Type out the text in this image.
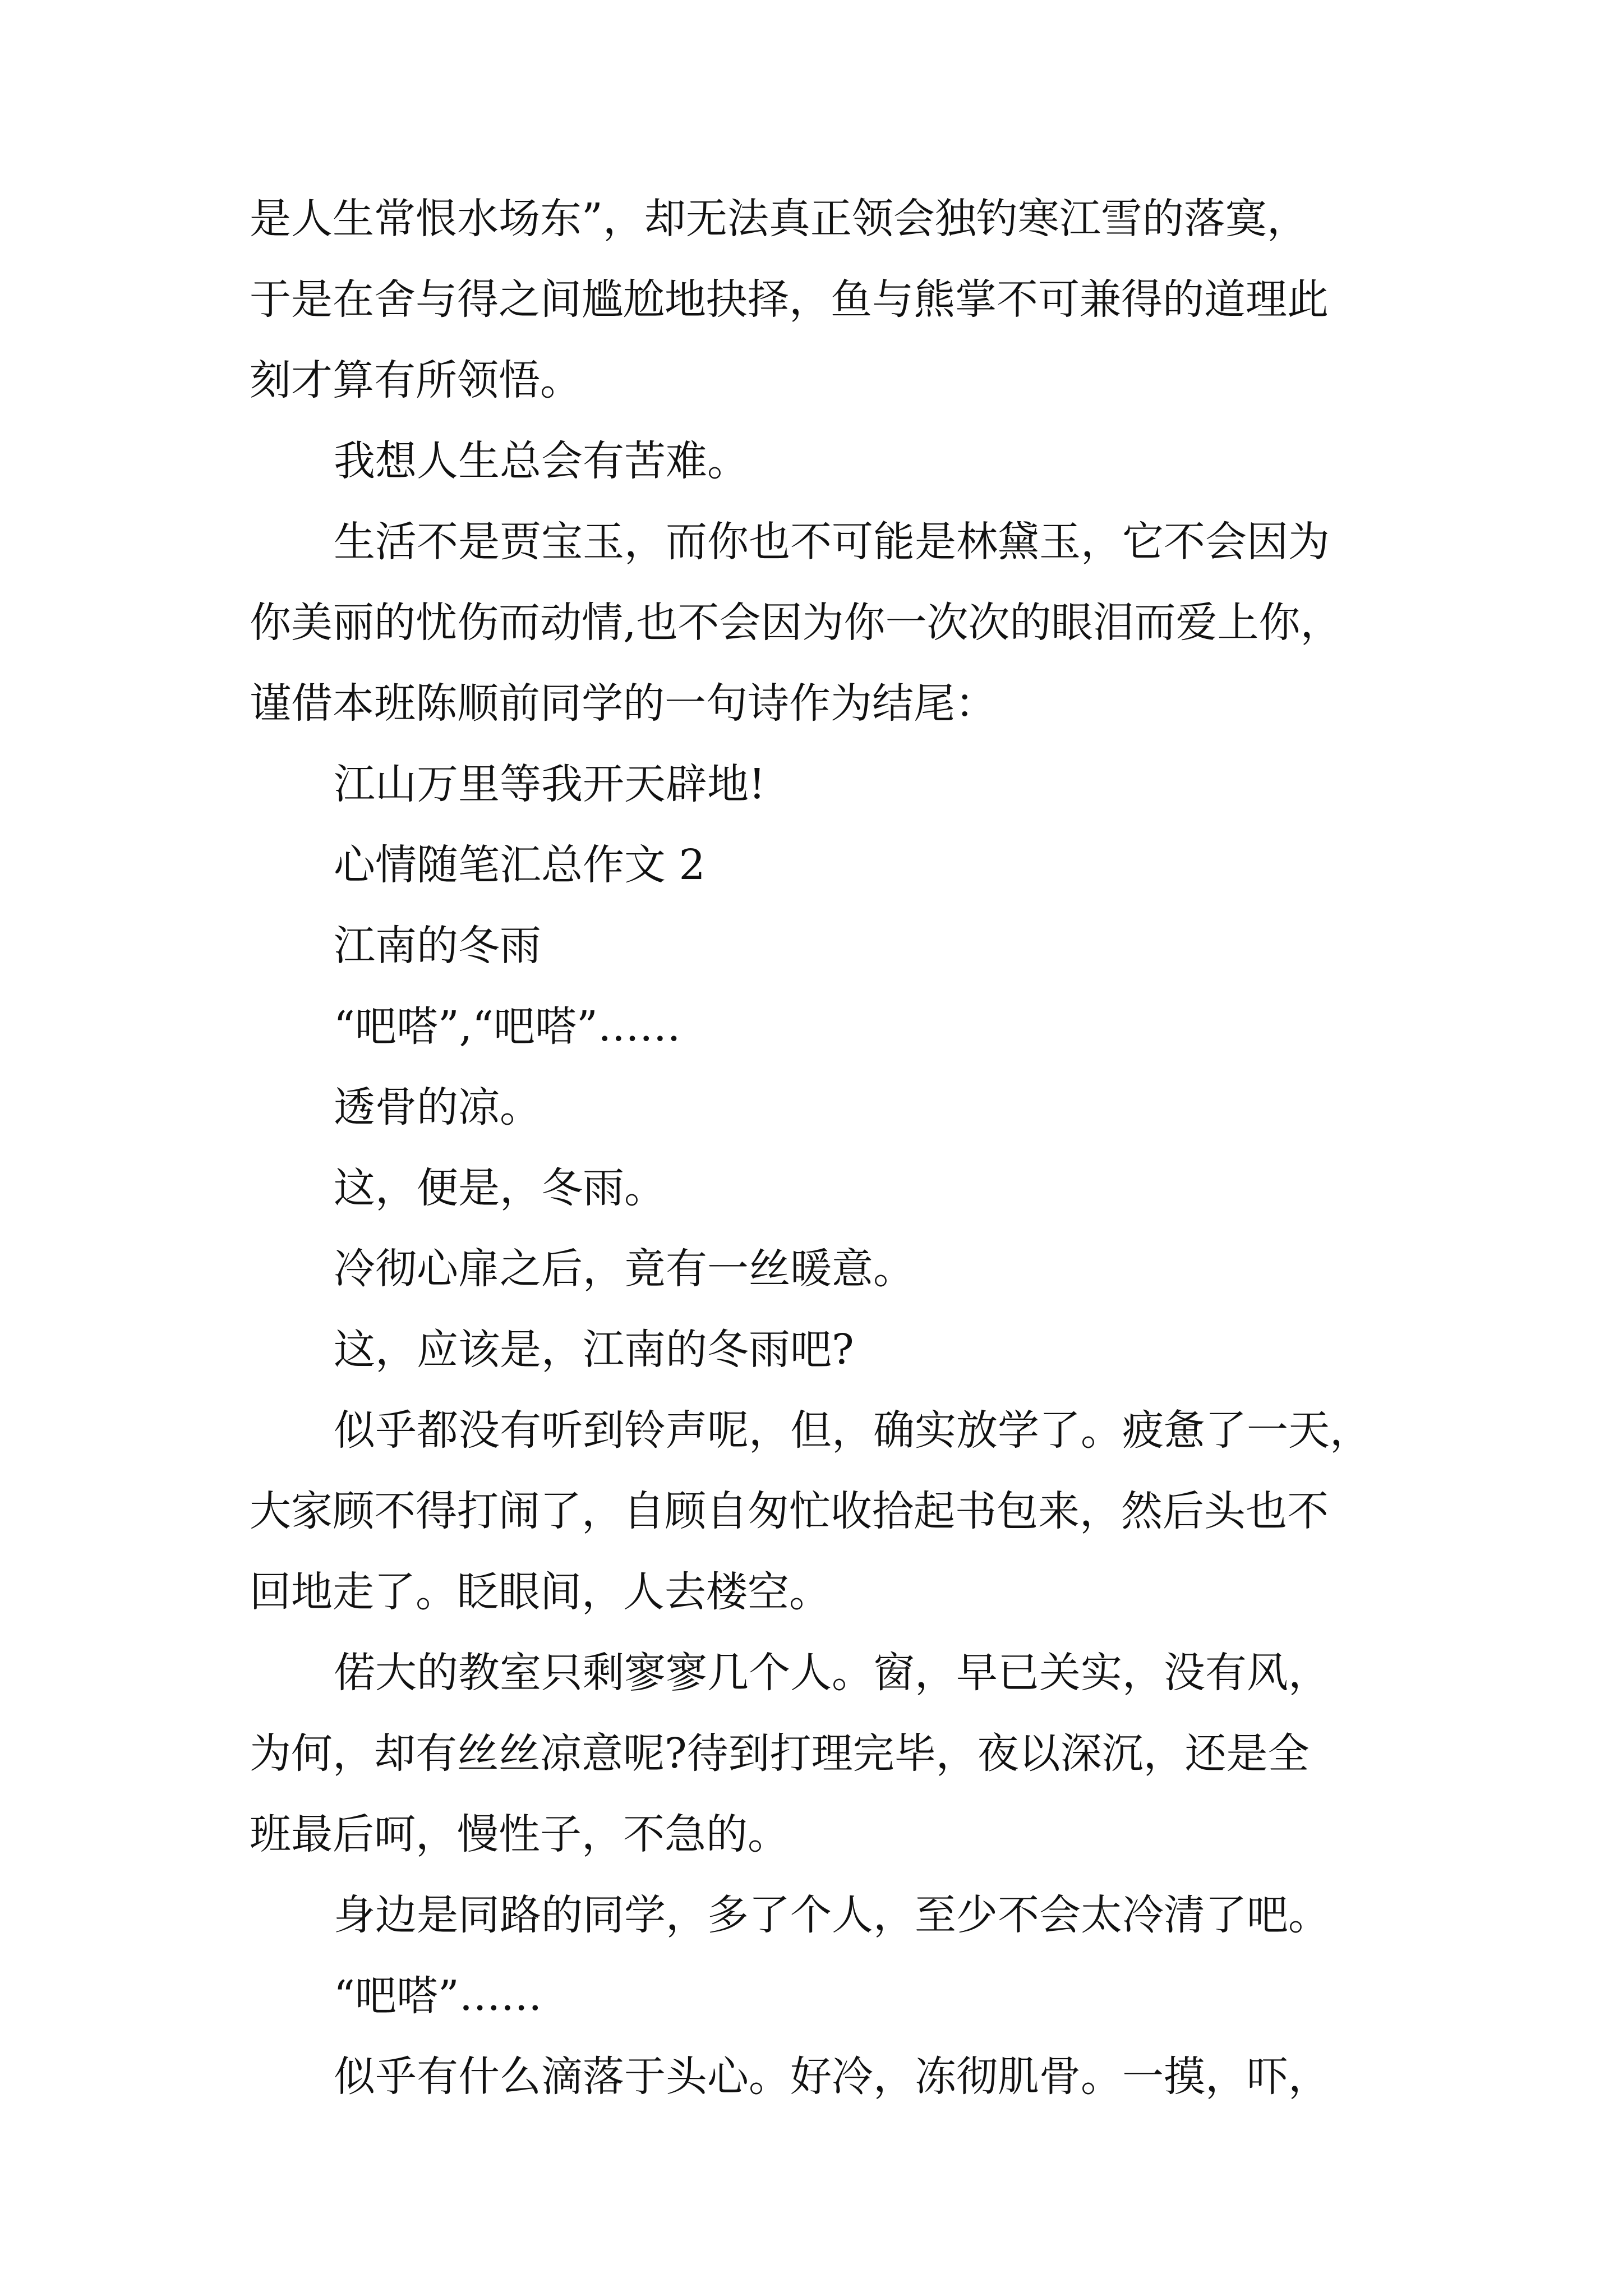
是人生常恨水场东”，却无法真正领会独钓寒江雪的落寞，
于是在舍与得之间尴尬地抉择，鱼与熊掌不可兼得的道理此
刻才算有所领悟。

我想人生总会有苦难。

生活不是贾宝玉，而你也不可能是林黛玉，它不会因为
你美丽的忧伤而动情,也不会因为你一次次的眼泪而爱上你，
谨借本班陈顺前同学的一句诗作为结尾：

江山万里等我开天辟地!

心情随笔汇总作文 2

江南的冬雨

“吧嗒”,“吧嗒”……

透骨的凉。

这，便是，冬雨。

冷彻心扉之后，竟有一丝暖意。

这，应该是，江南的冬雨吧?

似乎都没有听到铃声呢，但，确实放学了。疲惫了一天，
大家顾不得打闹了，自顾自匆忙收拾起书包来，然后头也不
回地走了。眨眼间，人去楼空。

偌大的教室只剩寥寥几个人。窗，早已关实，没有风，
为何，却有丝丝凉意呢?待到打理完毕，夜以深沉，还是全
班最后呵，慢性子，不急的。

身边是同路的同学，多了个人，至少不会太冷清了吧。

“吧嗒”……

似乎有什么滴落于头心。好冷，冻彻肌骨。一摸，吓，
